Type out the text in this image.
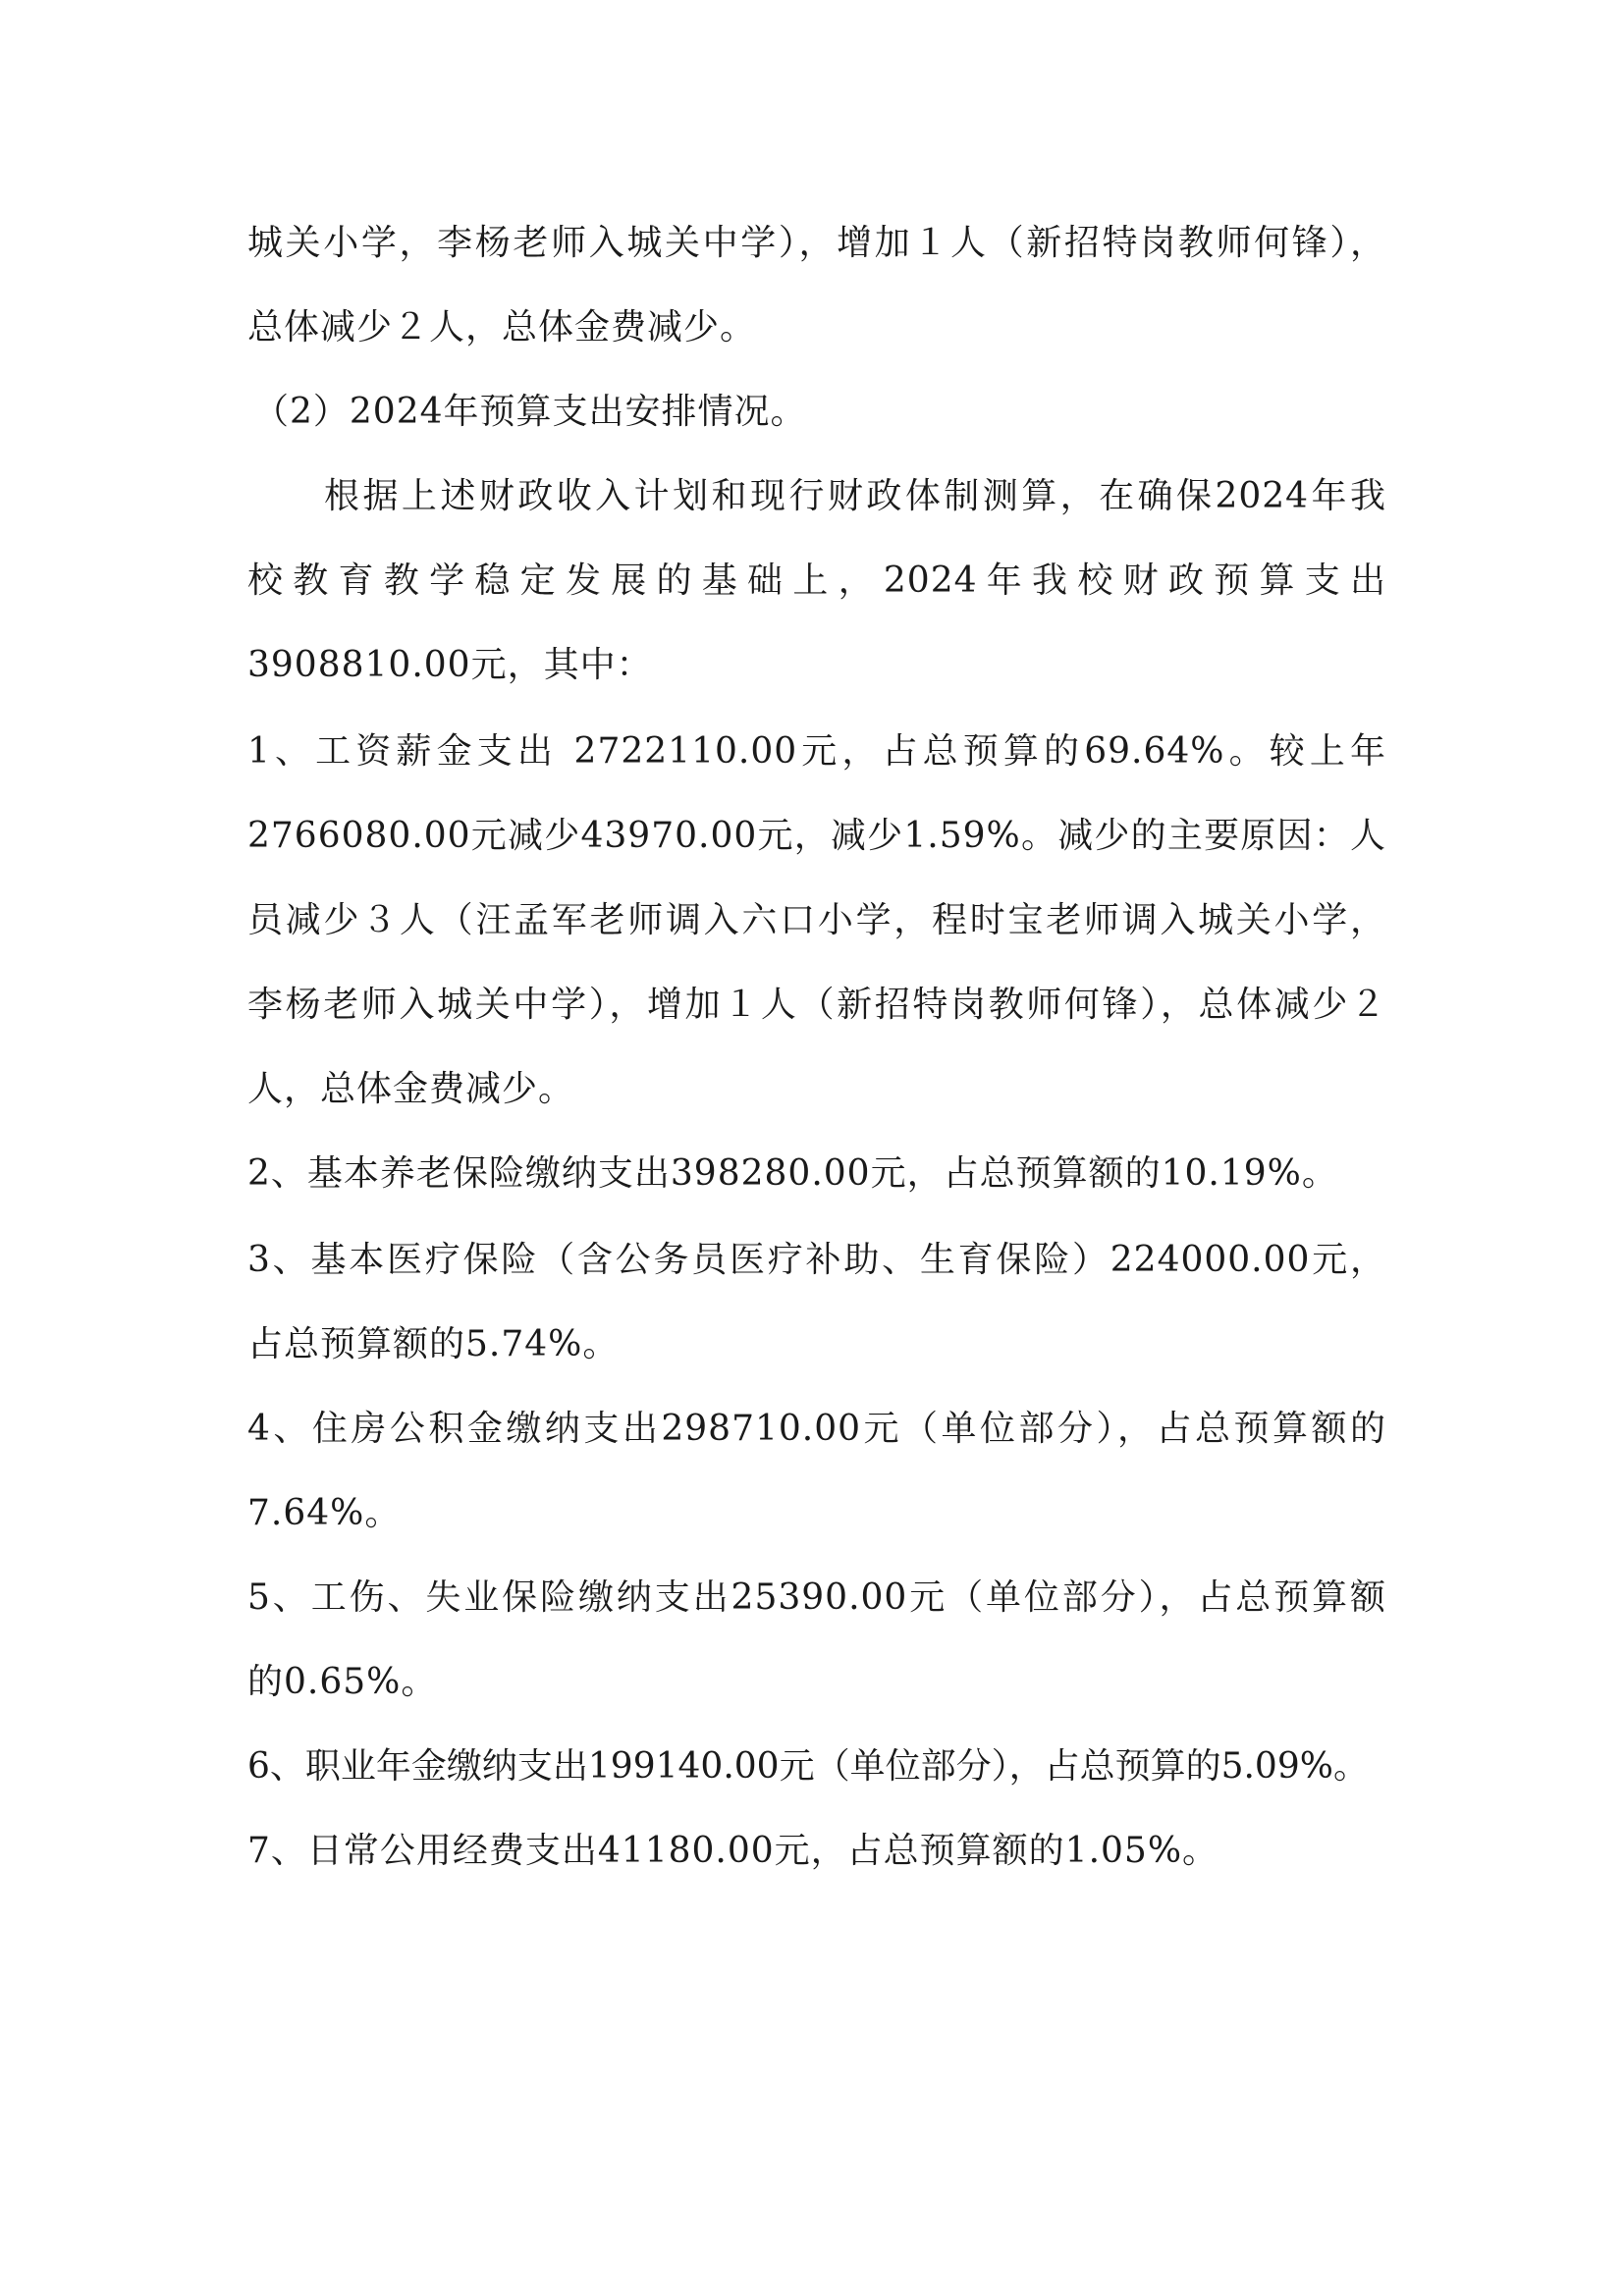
城关小学，李杨老师入城关中学），增加１人（新招特岗教师何锋），
总体减少２人，总体金费减少。
（2）2024年预算支出安排情况。
根据上述财政收入计划和现行财政体制测算，在确保2024年我
校教育教学稳定发展的基础上，2024年我校财政预算支出
3908810.00元，其中：
1、工资薪金支出 2722110.00元，占总预算的69.64%。较上年
2766080.00元减少43970.00元，减少1.59%。减少的主要原因：人
员减少３人（汪孟军老师调入六口小学，程时宝老师调入城关小学，
李杨老师入城关中学），增加１人（新招特岗教师何锋），总体减少２
人，总体金费减少。
2、基本养老保险缴纳支出398280.00元，占总预算额的10.19%。
3、基本医疗保险（含公务员医疗补助、生育保险）224000.00元，
占总预算额的5.74%。
4、住房公积金缴纳支出298710.00元（单位部分），占总预算额的
7.64%。
5、工伤、失业保险缴纳支出25390.00元（单位部分），占总预算额
的0.65%。
6、职业年金缴纳支出199140.00元（单位部分），占总预算的5.09%。
7、日常公用经费支出41180.00元，占总预算额的1.05%。
